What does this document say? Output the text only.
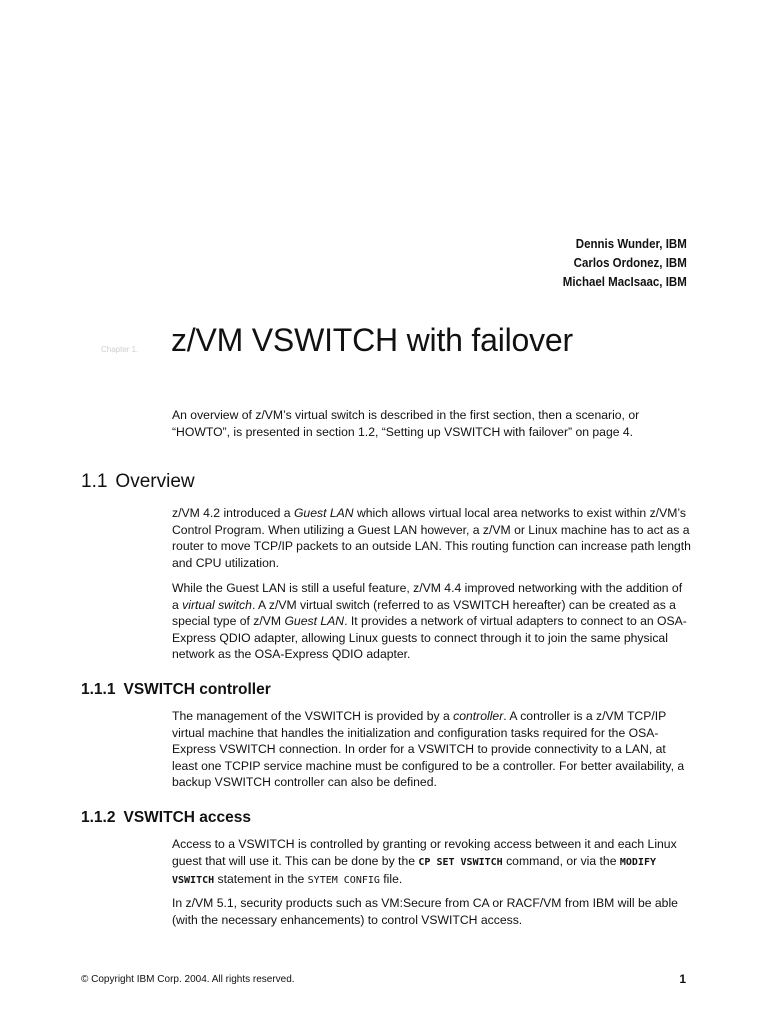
Dennis Wunder, IBM
Carlos Ordonez, IBM
Michael MacIsaac, IBM
Chapter 1. z/VM VSWITCH with failover

An overview of z/VM’s virtual switch is described in the first section, then a scenario, or “HOWTO”, is presented in section 1.2, “Setting up VSWITCH with failover” on page 4.

1.1 Overview

z/VM 4.2 introduced a Guest LAN which allows virtual local area networks to exist within z/VM’s Control Program. When utilizing a Guest LAN however, a z/VM or Linux machine has to act as a router to move TCP/IP packets to an outside LAN. This routing function can increase path length and CPU utilization.

While the Guest LAN is still a useful feature, z/VM 4.4 improved networking with the addition of a virtual switch. A z/VM virtual switch (referred to as VSWITCH hereafter) can be created as a special type of z/VM Guest LAN. It provides a network of virtual adapters to connect to an OSA-Express QDIO adapter, allowing Linux guests to connect through it to join the same physical network as the OSA-Express QDIO adapter.

1.1.1 VSWITCH controller

The management of the VSWITCH is provided by a controller. A controller is a z/VM TCP/IP virtual machine that handles the initialization and configuration tasks required for the OSA-Express VSWITCH connection. In order for a VSWITCH to provide connectivity to a LAN, at least one TCPIP service machine must be configured to be a controller. For better availability, a backup VSWITCH controller can also be defined.

1.1.2 VSWITCH access

Access to a VSWITCH is controlled by granting or revoking access between it and each Linux guest that will use it. This can be done by the CP SET VSWITCH command, or via the MODIFY VSWITCH statement in the SYTEM CONFIG file.

In z/VM 5.1, security products such as VM:Secure from CA or RACF/VM from IBM will be able (with the necessary enhancements) to control VSWITCH access.

© Copyright IBM Corp. 2004. All rights reserved.	1
